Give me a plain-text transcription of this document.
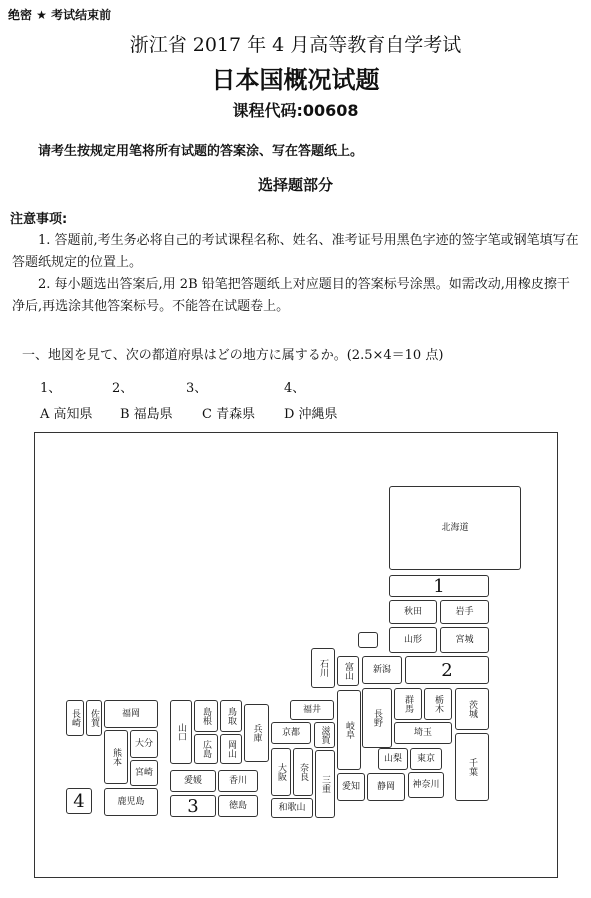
绝密 ★ 考试结束前
浙江省 2017 年 4 月高等教育自学考试
日本国概况试题
课程代码:00608
请考生按规定用笔将所有试题的答案涂、写在答题纸上。
选择题部分
注意事项:
1. 答题前,考生务必将自己的考试课程名称、姓名、准考证号用黑色字迹的签字笔或钢笔填写在答题纸规定的位置上。
2. 每小题选出答案后,用 2B 铅笔把答题纸上对应题目的答案标号涂黑。如需改动,用橡皮擦干净后,再选涂其他答案标号。不能答在试题卷上。
一、地図を見て、次の都道府県はどの地方に属するか。(2.5×4＝10 点)
1、	2、	3、	4、
A 高知県 B 福島県 C 青森県 D 沖縄県
北海道
1
秋田	岩手
山形	宮城
新潟	2
石川	富山
福井
岐阜
長野
群馬	栃木	茨城
埼玉
山梨	東京	千葉
神奈川
静岡
愛知
滋賀
京都
兵庫
大阪	奈良
三重
和歌山
山口
島根	鳥取
広島	岡山
愛媛	香川
3	徳島
長崎	佐賀	福岡
熊本
大分
宮崎
鹿児島
4
